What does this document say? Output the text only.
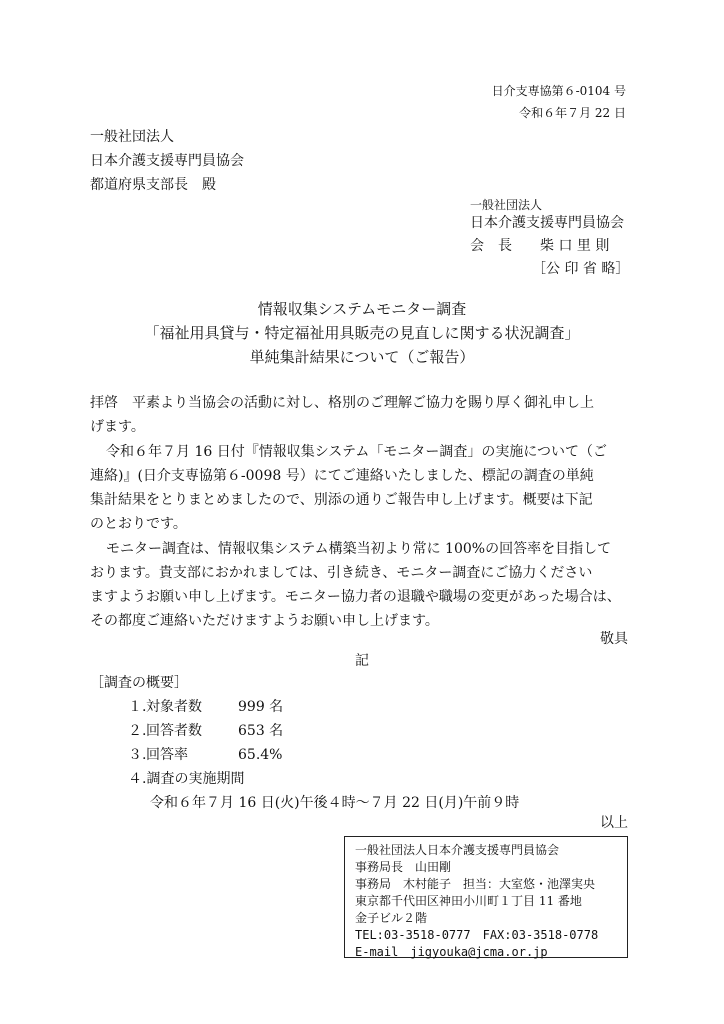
日介支専協第６-0104 号
令和６年７月 22 日
一般社団法人
日本介護支援専門員協会
都道府県支部長　殿
一般社団法人
日本介護支援専門員協会
会　長　　柴 口 里 則
［公 印 省 略］
情報収集システムモニター調査
「福祉用具貸与・特定福祉用具販売の見直しに関する状況調査」
単純集計結果について（ご報告）
拝啓　平素より当協会の活動に対し、格別のご理解ご協力を賜り厚く御礼申し上
げます。
令和６年７月 16 日付『情報収集システム「モニター調査」の実施について（ご
連絡)』(日介支専協第６-0098 号）にてご連絡いたしました、標記の調査の単純
集計結果をとりまとめましたので、別添の通りご報告申し上げます。概要は下記
のとおりです。
モニター調査は、情報収集システム構築当初より常に 100%の回答率を目指して
おります。貴支部におかれましては、引き続き、モニター調査にご協力ください
ますようお願い申し上げます。モニター協力者の退職や職場の変更があった場合は、
その都度ご連絡いただけますようお願い申し上げます。
敬具
記
［調査の概要］
１.対象者数	999 名
２.回答者数	653 名
３.回答率	65.4%
４.調査の実施期間
令和６年７月 16 日(火)午後４時～７月 22 日(月)午前９時
以上
一般社団法人日本介護支援専門員協会
事務局長　山田剛
事務局　木村能子　担当：大室悠・池澤実央
東京都千代田区神田小川町１丁目 11 番地
金子ビル２階
TEL:03-3518-0777　FAX:03-3518-0778
E-mail　jigyouka@jcma.or.jp
